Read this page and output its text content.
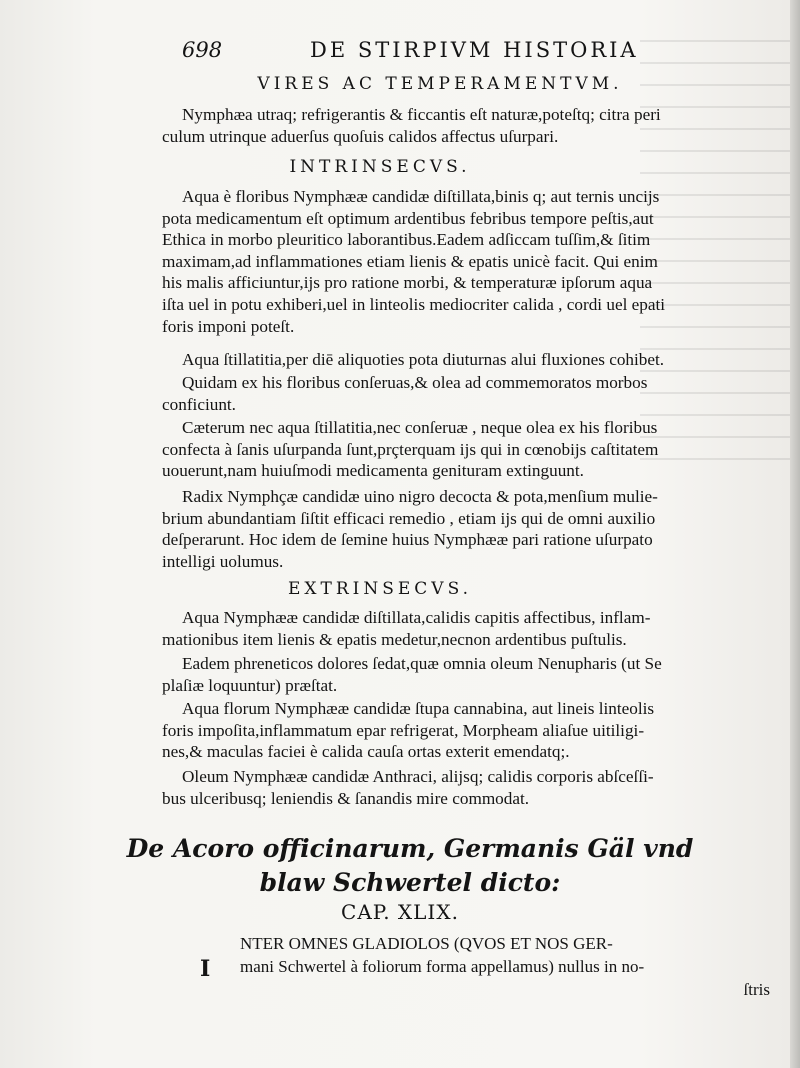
698	DE STIRPIVM HISTORIA
VIRES AC TEMPERAMENTVM.
Nymphæa utraq; refrigerantis & ficcantis eſt naturæ,poteſtq; citra peri
culum utrinque aduerſus quoſuis calidos affectus uſurpari.
INTRINSECVS.
Aqua è floribus Nymphææ candidæ diſtillata,binis q; aut ternis uncijs
pota medicamentum eſt optimum ardentibus febribus tempore peſtis,aut
Ethica in morbo pleuritico laborantibus.Eadem adſiccam tuſſim,& ſitim
maximam,ad inflammationes etiam lienis & epatis unicè facit. Qui enim
his malis afficiuntur,ijs pro ratione morbi, & temperaturæ ipſorum aqua
iſta uel in potu exhiberi,uel in linteolis mediocriter calida , cordi uel epati
foris imponi poteſt.
Aqua ſtillatitia,per diē aliquoties pota diuturnas alui fluxiones cohibet.
Quidam ex his floribus conſeruas,& olea ad commemoratos morbos
conficiunt.
Cæterum nec aqua ſtillatitia,nec conſeruæ , neque olea ex his floribus
confecta à ſanis uſurpanda ſunt,prçterquam ijs qui in cœnobijs caſtitatem
uouerunt,nam huiuſmodi medicamenta genituram extinguunt.
Radix Nymphçæ candidæ uino nigro decocta & pota,menſium mulie-
brium abundantiam ſiſtit efficaci remedio , etiam ijs qui de omni auxilio
deſperarunt. Hoc idem de ſemine huius Nymphææ pari ratione uſurpato
intelligi uolumus.
EXTRINSECVS.
Aqua Nymphææ candidæ diſtillata,calidis capitis affectibus, inflam-
mationibus item lienis & epatis medetur,necnon ardentibus puſtulis.
Eadem phreneticos dolores ſedat,quæ omnia oleum Nenupharis (ut Se
plaſiæ loquuntur) præſtat.
Aqua florum Nymphææ candidæ ſtupa cannabina, aut lineis linteolis
foris impoſita,inflammatum epar refrigerat, Morpheam aliaſue uitiligi-
nes,& maculas faciei è calida cauſa ortas exterit emendatq;.
Oleum Nymphææ candidæ Anthraci, alijsq; calidis corporis abſceſſi-
bus ulceribusq; leniendis & ſanandis mire commodat.
De Acoro officinarum, Germanis Gäl vnd
blaw Schwertel dicto:
CAP. XLIX.
I
NTER OMNES GLADIOLOS (QVOS ET NOS GER-
mani Schwertel à foliorum forma appellamus) nullus in no-
ſtris
